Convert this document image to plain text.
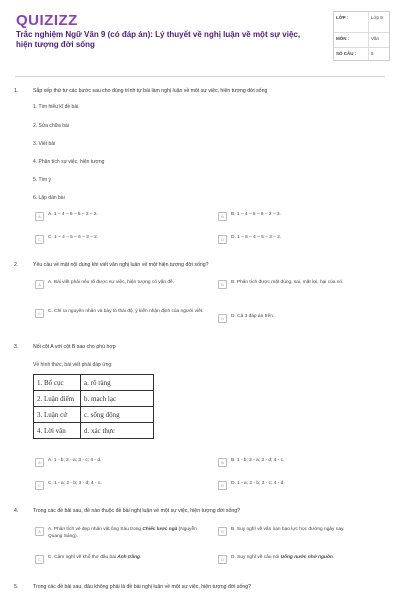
QUIZIZZ
Trắc nghiệm Ngữ Văn 9 (có đáp án): Lý thuyết về nghị luận về một sự việc, hiện tượng đời sống
LỚP :	Lớp 9
MÔN :	Văn
SỐ CÂU :	5
1.	Sắp xếp thứ tự các bước sau cho đúng trình tự bài làm nghị luận về một sự việc, hiện tượng đời sống
1. Tìm hiểu kĩ đề bài
2. Sửa chữa bài
3. Viết bài
4. Phân tích sự việc, hiện tượng
5. Tìm ý
6. Lập dàn bài
A	A. 1 – 4 – 6 – 5 – 3 – 2.	B	B. 1 – 4 – 5 – 6 – 2 – 3.
C	C. 1 – 4 – 5 – 6 – 3 – 2.	D	D. 1 – 6 – 4 – 5 – 3 – 2.
2.	Yêu cầu về mặt nội dung khi viết văn nghị luận về một hiện tượng đời sống?
A	A. Bài viết phải nêu rõ được sự việc, hiện tượng có vấn đề.	B	B. Phân tích được mặt đúng, sai, mặt lợi, hại của nó.
C	C. Chỉ ra nguyên nhân và bày tỏ thái độ, ý kiến nhận định của người viết.
D	D. Cả 3 đáp án trên.
3.	Nối cột A với cột B sao cho phù hợp
Về hình thức, bài viết phải đáp ứng:
1. Bố cục	a. rõ ràng
2. Luận điểm	b. mạch lạc
3. Luận cứ	c. sống động
4. Lời văn	d. xác thực
A	A. 1 - b; 2 - a; 3 - c; 4 - d.	B	B. 1 - b; 2 - a; 3 - d; 4 - c.
C	C. 1 - a; 2 - b; 3 - d; 4 - c.	D	D. 1 - a; 2 - b; 3 - c; 4 - d.
4.	Trong các đề bài sau, đề nào thuộc đề bài nghị luận về một sự việc, hiện tượng đời sống?
A	A. Phân tích vẻ đẹp nhân vật ông Sáu trong Chiếc lược ngà (Nguyễn Quang Sáng).
B	B. Suy nghĩ về vấn nạn bạo lực học đường ngày nay.
C	C. Cảm nghĩ về khổ thơ đầu bài Ánh trăng.	D	D. Suy nghĩ về câu nói Uống nước nhớ nguồn.
5.	Trong các đề bài sau, đâu không phải là đề bài nghị luận về một sự việc, hiện tượng đời sống?
